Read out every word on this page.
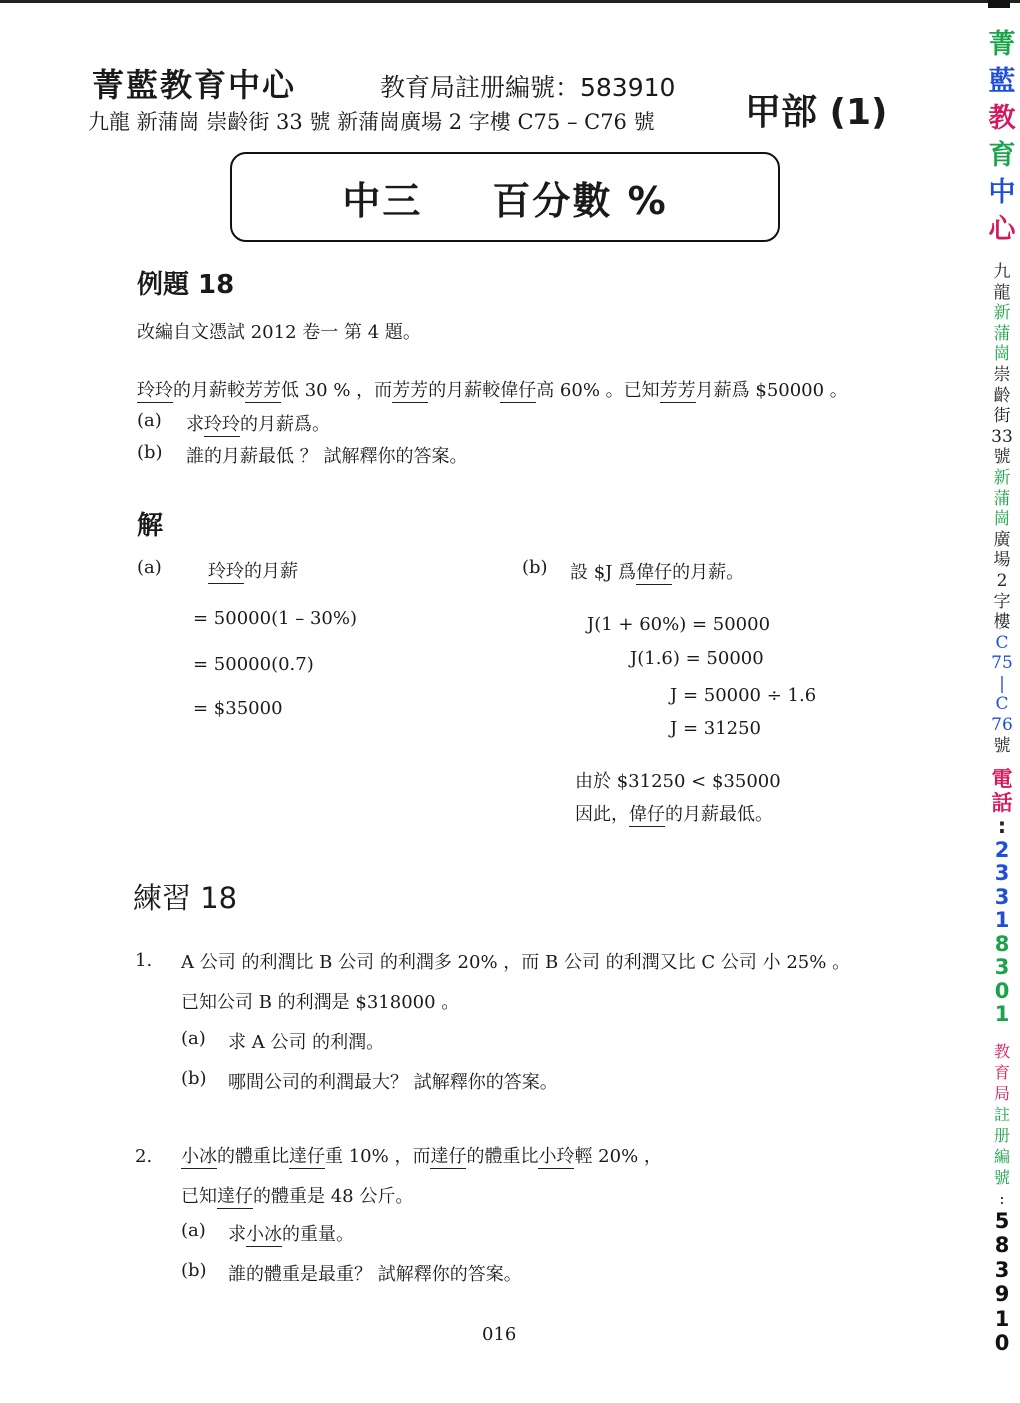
菁藍教育中心	教育局註册編號：583910
九龍 新蒲崗 崇齡街 33 號 新蒲崗廣場 2 字樓 C75 – C76 號	甲部 (1)
中三 百分數 %
例題 18
改編自文憑試 2012 卷一 第 4 題。
玲玲的月薪較芳芳低 30 % ，而芳芳的月薪較偉仔高 60% 。已知芳芳月薪爲 $50000 。
(a) 求玲玲的月薪爲。
(b) 誰的月薪最低 ？ 試解釋你的答案。
解
(a)	玲玲的月薪
= 50000(1 – 30%)
= 50000(0.7)
= $35000
(b) 設 $J 爲偉仔的月薪。
J(1 + 60%) = 50000
J(1.6) = 50000
J = 50000 ÷ 1.6
J = 31250
由於 $31250 < $35000
因此，偉仔的月薪最低。
練習 18
1. A 公司 的利潤比 B 公司 的利潤多 20% ，而 B 公司 的利潤又比 C 公司 小 25% 。
已知公司 B 的利潤是 $318000 。
(a) 求 A 公司 的利潤。
(b) 哪間公司的利潤最大？ 試解釋你的答案。
2. 小冰的體重比達仔重 10% ，而達仔的體重比小玲輕 20% ，
已知達仔的體重是 48 公斤。
(a) 求小冰的重量。
(b) 誰的體重是最重？ 試解釋你的答案。
016
菁
藍
教
育
中
心
九
龍
新
蒲
崗
崇
齡
街
33
號
新
蒲
崗
廣
場
2
字
樓
C
75
|
C
76
號
電
話
:
2
3
3
1
8
3
0
1
教
育
局
註
册
編
號
:
5
8
3
9
1
0
